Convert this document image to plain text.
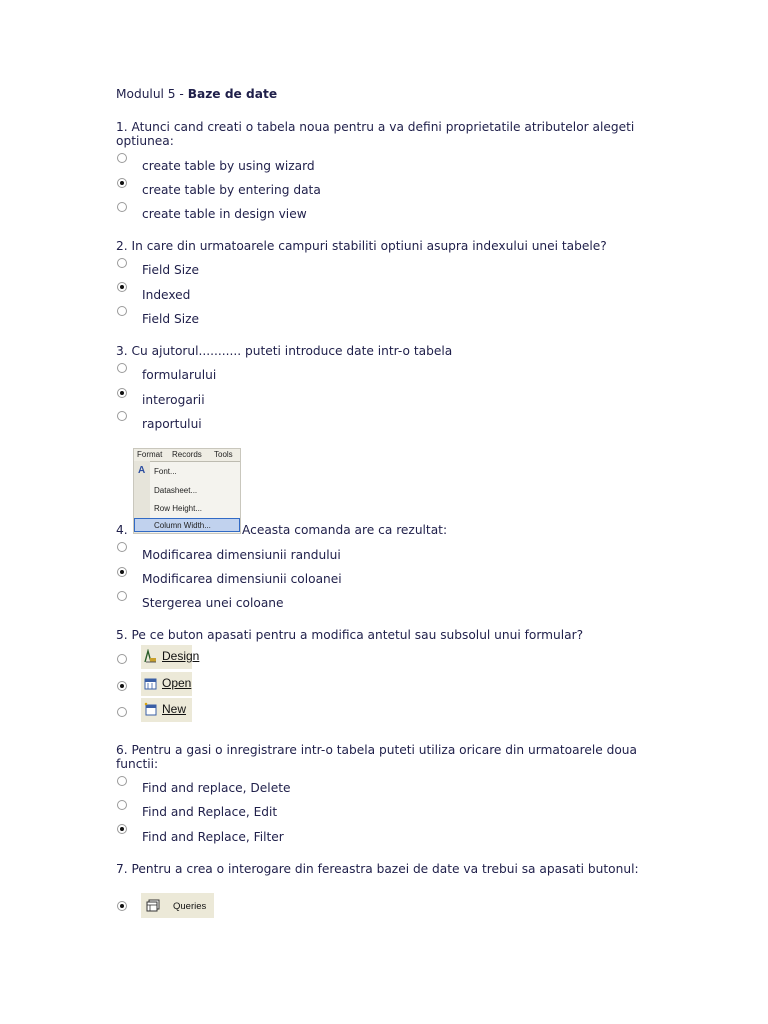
Modulul 5 - Baze de date
1. Atunci cand creati o tabela noua pentru a va defini proprietatile atributelor alegeti optiunea:
create table by using wizard
create table by entering data
create table in design view
2. In care din urmatoarele campuri stabiliti optiuni asupra indexului unei tabele?
Field Size
Indexed
Field Size
3. Cu ajutorul........... puteti introduce date intr-o tabela
formularului
interogarii
raportului
Format Records Tools
A Font...
Datasheet...
Row Height...
Column Width...
4.	Aceasta comanda are ca rezultat:
Modificarea dimensiunii randului
Modificarea dimensiunii coloanei
Stergerea unei coloane
5. Pe ce buton apasati pentru a modifica antetul sau subsolul unui formular?
Design
Open
New
6. Pentru a gasi o inregistrare intr-o tabela puteti utiliza oricare din urmatoarele doua functii:
Find and replace, Delete
Find and Replace, Edit
Find and Replace, Filter
7. Pentru a crea o interogare din fereastra bazei de date va trebui sa apasati butonul:
Queries
